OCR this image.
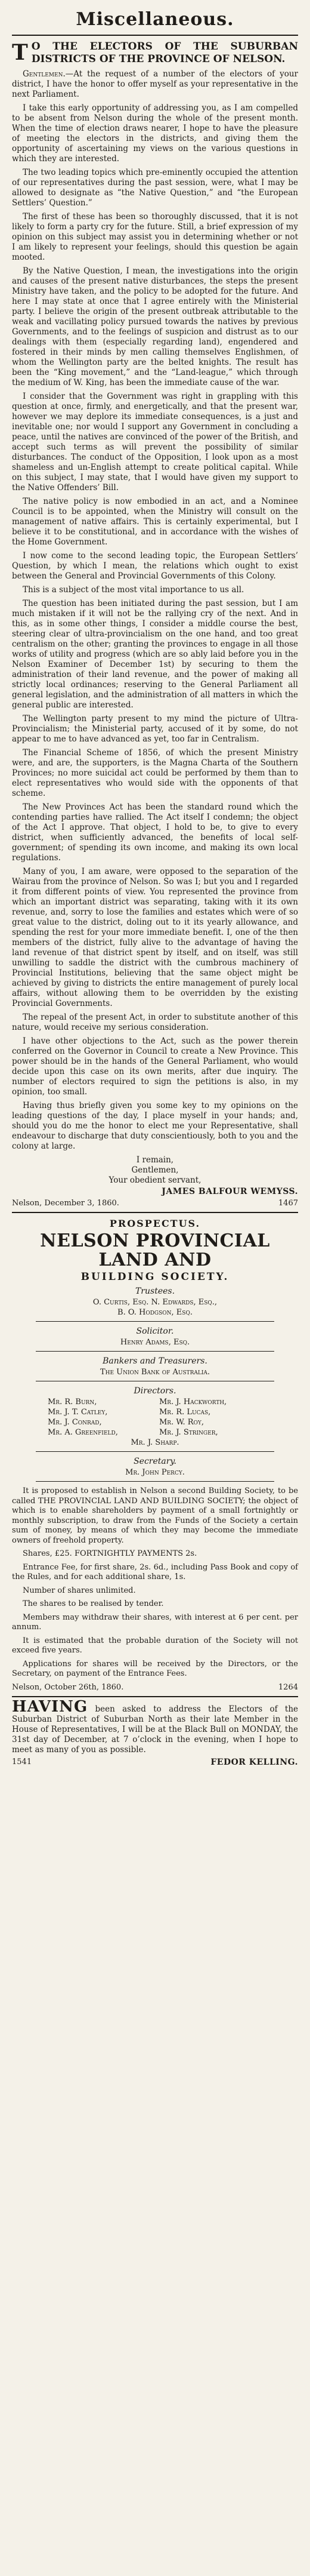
Miscellaneous.
T O THE ELECTORS OF THE SUBURBAN DISTRICTS OF THE PROVINCE OF NELSON.

Gentlemen.—At the request of a number of the electors of your district, I have the honor to offer myself as your representative in the next Parliament.

I take this early opportunity of addressing you, as I am compelled to be absent from Nelson during the whole of the present month. When the time of election draws nearer, I hope to have the pleasure of meeting the electors in the districts, and giving them the opportunity of ascertaining my views on the various questions in which they are interested.

The two leading topics which pre-eminently occupied the attention of our representatives during the past session, were, what I may be allowed to designate as “the Native Question,” and “the European Settlers’ Question.”

The first of these has been so thoroughly discussed, that it is not likely to form a party cry for the future. Still, a brief expression of my opinion on this subject may assist you in determining whether or not I am likely to represent your feelings, should this question be again mooted.

By the Native Question, I mean, the investigations into the origin and causes of the present native disturbances, the steps the present Ministry have taken, and the policy to be adopted for the future. And here I may state at once that I agree entirely with the Ministerial party. I believe the origin of the present outbreak attributable to the weak and vacillating policy pursued towards the natives by previous Governments, and to the feelings of suspicion and distrust as to our dealings with them (especially regarding land), engendered and fostered in their minds by men calling themselves Englishmen, of whom the Wellington party are the belted knights. The result has been the “King movement,” and the “Land-league,” which through the medium of W. King, has been the immediate cause of the war.

I consider that the Government was right in grappling with this question at once, firmly, and energetically, and that the present war, however we may deplore its immediate consequences, is a just and inevitable one; nor would I support any Government in concluding a peace, until the natives are convinced of the power of the British, and accept such terms as will prevent the possibility of similar disturbances. The conduct of the Opposition, I look upon as a most shameless and un-English attempt to create political capital. While on this subject, I may state, that I would have given my support to the Native Offenders’ Bill.

The native policy is now embodied in an act, and a Nominee Council is to be appointed, when the Ministry will consult on the management of native affairs. This is certainly experimental, but I believe it to be constitutional, and in accordance with the wishes of the Home Government.

I now come to the second leading topic, the European Settlers’ Question, by which I mean, the relations which ought to exist between the General and Provincial Governments of this Colony.

This is a subject of the most vital importance to us all.

The question has been initiated during the past session, but I am much mistaken if it will not be the rallying cry of the next. And in this, as in some other things, I consider a middle course the best, steering clear of ultra-provincialism on the one hand, and too great centralism on the other; granting the provinces to engage in all those works of utility and progress (which are so ably laid before you in the Nelson Examiner of December 1st) by securing to them the administration of their land revenue, and the power of making all strictly local ordinances; reserving to the General Parliament all general legislation, and the administration of all matters in which the general public are interested.

The Wellington party present to my mind the picture of Ultra-Provincialism; the Ministerial party, accused of it by some, do not appear to me to have advanced as yet, too far in Centralism.

The Financial Scheme of 1856, of which the present Ministry were, and are, the supporters, is the Magna Charta of the Southern Provinces; no more suicidal act could be performed by them than to elect representatives who would side with the opponents of that scheme.

The New Provinces Act has been the standard round which the contending parties have rallied. The Act itself I condemn; the object of the Act I approve. That object, I hold to be, to give to every district, when sufficiently advanced, the benefits of local self-government; of spending its own income, and making its own local regulations.

Many of you, I am aware, were opposed to the separation of the Wairau from the province of Nelson. So was I; but you and I regarded it from different points of view. You represented the province from which an important district was separating, taking with it its own revenue, and, sorry to lose the families and estates which were of so great value to the district, doling out to it its yearly allowance, and spending the rest for your more immediate benefit. I, one of the then members of the district, fully alive to the advantage of having the land revenue of that district spent by itself, and on itself, was still unwilling to saddle the district with the cumbrous machinery of Provincial Institutions, believing that the same object might be achieved by giving to districts the entire management of purely local affairs, without allowing them to be overridden by the existing Provincial Governments.

The repeal of the present Act, in order to substitute another of this nature, would receive my serious consideration.

I have other objections to the Act, such as the power therein conferred on the Governor in Council to create a New Province. This power should be in the hands of the General Parliament, who would decide upon this case on its own merits, after due inquiry. The number of electors required to sign the petitions is also, in my opinion, too small.

Having thus briefly given you some key to my opinions on the leading questions of the day, I place myself in your hands; and, should you do me the honor to elect me your Representative, shall endeavour to discharge that duty conscientiously, both to you and the colony at large.

I remain,
Gentlemen,
Your obedient servant,
JAMES BALFOUR WEMYSS.
Nelson, December 3, 1860.	1467
PROSPECTUS.
NELSON PROVINCIAL LAND AND
BUILDING SOCIETY.
Trustees.
O. Curtis, Esq. N. Edwards, Esq.,
B. O. Hodgson, Esq.
Solicitor.
Henry Adams, Esq.
Bankers and Treasurers.
The Union Bank of Australia.
Directors.
Mr. R. Burn,	Mr. J. Hackworth,
Mr. J. T. Catley,	Mr. R. Lucas,
Mr. J. Conrad,	Mr. W. Roy,
Mr. A. Greenfield,	Mr. J. Stringer,
Mr. J. Sharp.
Secretary.
Mr. John Percy.

It is proposed to establish in Nelson a second Building Society, to be called THE PROVINCIAL LAND AND BUILDING SOCIETY; the object of which is to enable shareholders by payment of a small fortnightly or monthly subscription, to draw from the Funds of the Society a certain sum of money, by means of which they may become the immediate owners of freehold property.

Shares, £25. FORTNIGHTLY PAYMENTS 2s.

Entrance Fee, for first share, 2s. 6d., including Pass Book and copy of the Rules, and for each additional share, 1s.

Number of shares unlimited.

The shares to be realised by tender.

Members may withdraw their shares, with interest at 6 per cent. per annum.

It is estimated that the probable duration of the Society will not exceed five years.

Applications for shares will be received by the Directors, or the Secretary, on payment of the Entrance Fees.

Nelson, October 26th, 1860.	1264
HAVING been asked to address the Electors of the Suburban District of Suburban North as their late Member in the House of Representatives, I will be at the Black Bull on MONDAY, the 31st day of December, at 7 o’clock in the evening, when I hope to meet as many of you as possible.
1541	FEDOR KELLING.
